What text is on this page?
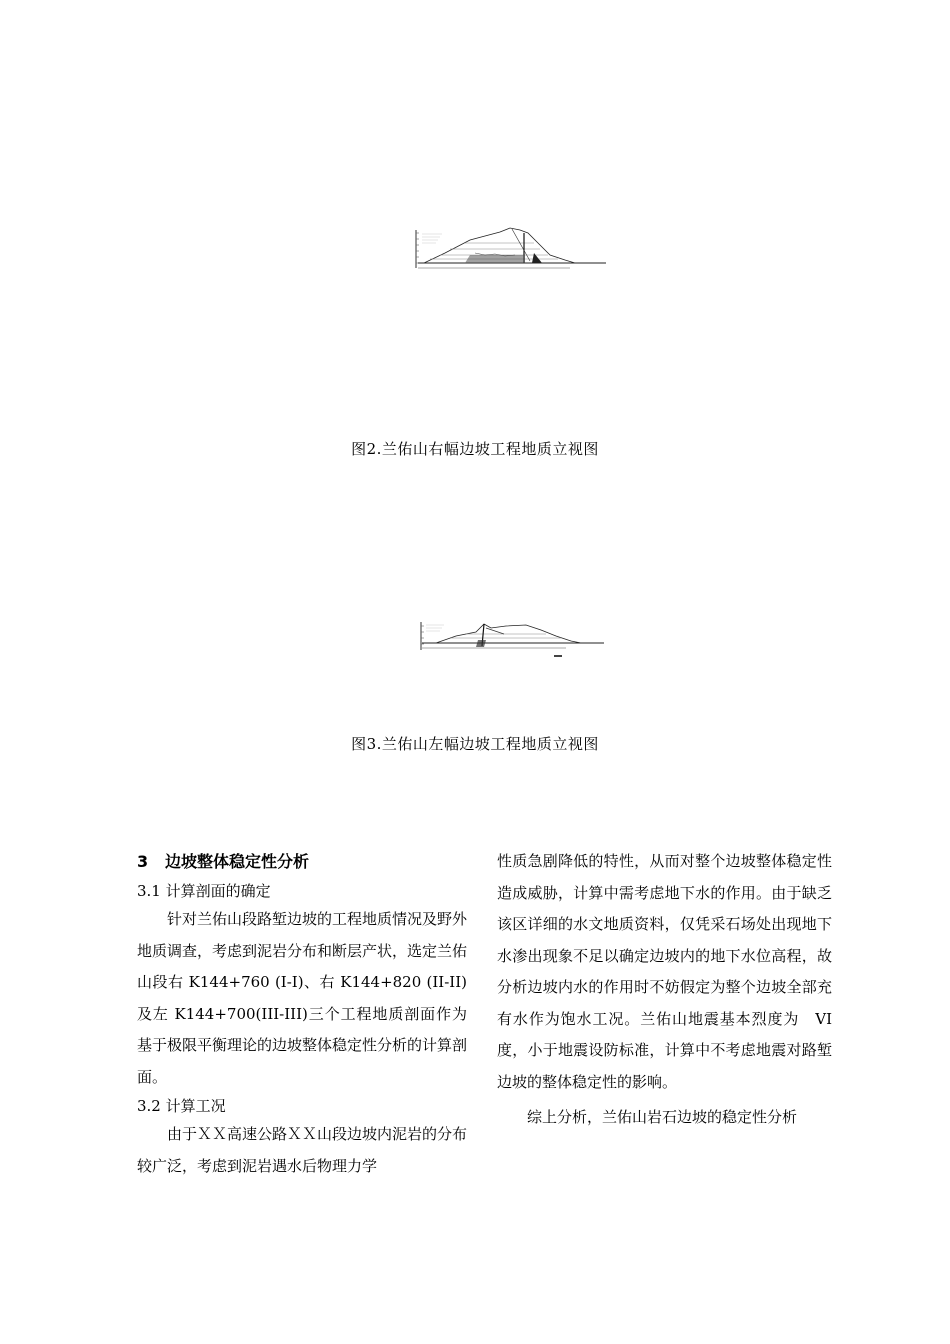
图2.兰佑山右幅边坡工程地质立视图
图3.兰佑山左幅边坡工程地质立视图

3 边坡整体稳定性分析

3.1 计算剖面的确定

针对兰佑山段路堑边坡的工程地质情况及野外地质调查，考虑到泥岩分布和断层产状，选定兰佑山段右 K144+760 (I-I)、右 K144+820 (II-II)及左 K144+700(III-III)三个工程地质剖面作为基于极限平衡理论的边坡整体稳定性分析的计算剖面。

3.2 计算工况

由于ＸＸ高速公路ＸＸ山段边坡内泥岩的分布较广泛，考虑到泥岩遇水后物理力学

性质急剧降低的特性，从而对整个边坡整体稳定性造成威胁，计算中需考虑地下水的作用。由于缺乏该区详细的水文地质资料，仅凭采石场处出现地下水渗出现象不足以确定边坡内的地下水位高程，故分析边坡内水的作用时不妨假定为整个边坡全部充有水作为饱水工况。兰佑山地震基本烈度为　VI 度，小于地震设防标准，计算中不考虑地震对路堑边坡的整体稳定性的影响。

综上分析，兰佑山岩石边坡的稳定性分析
